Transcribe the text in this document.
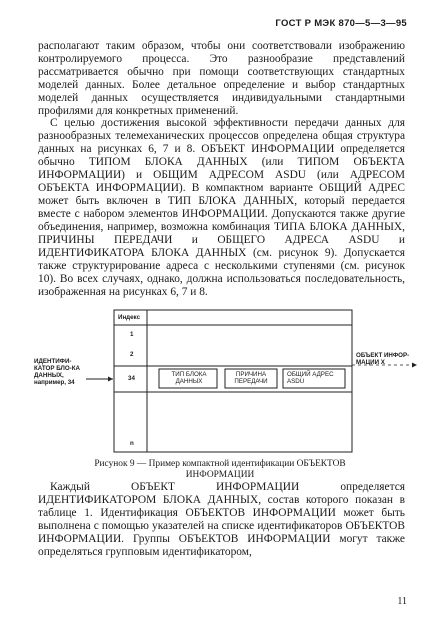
ГОСТ Р МЭК 870—5—3—95

располагают таким образом, чтобы они соответствовали изображению контролируемого процесса. Это разнообразие представлений рассматривается обычно при помощи соответствующих стандартных моделей данных. Более детальное определение и выбор стандартных моделей данных осуществляется индивидуальными стандартными профилями для конкретных применений.

С целью достижения высокой эффективности передачи данных для разнообразных телемеханических процессов определена общая структура данных на рисунках 6, 7 и 8. ОБЪЕКТ ИНФОРМАЦИИ определяется обычно ТИПОМ БЛОКА ДАННЫХ (или ТИПОМ ОБЪЕКТА ИНФОРМАЦИИ) и ОБЩИМ АДРЕСОМ ASDU (или АДРЕСОМ ОБЪЕКТА ИНФОРМАЦИИ). В компактном варианте ОБЩИЙ АДРЕС может быть включен в ТИП БЛОКА ДАННЫХ, который передается вместе с набором элементов ИНФОРМАЦИИ. Допускаются также другие объединения, например, возможна комбинация ТИПА БЛОКА ДАННЫХ, ПРИЧИНЫ ПЕРЕДАЧИ и ОБЩЕГО АДРЕСА ASDU и ИДЕНТИФИКАТОРА БЛОКА ДАННЫХ (см. рисунок 9). Допускается также структурирование адреса с несколькими ступенями (см. рисунок 10). Во всех случаях, однако, должна использоваться последовательность, изображенная на рисунках 6, 7 и 8.

Индекс
1
2
34
n
ТИП БЛОКА ДАННЫХ
ПРИЧИНА ПЕРЕДАЧИ
ОБЩИЙ АДРЕС ASDU
ИДЕНТИФИ-КАТОР БЛО-КА ДАННЫХ, например, 34
ОБЪЕКТ ИНФОР-МАЦИИ Х
Рисунок 9 — Пример компактной идентификации ОБЪЕКТОВ ИНФОРМАЦИИ

Каждый ОБЪЕКТ ИНФОРМАЦИИ определяется ИДЕНТИФИКАТОРОМ БЛОКА ДАННЫХ, состав которого показан в таблице 1. Идентификация ОБЪЕКТОВ ИНФОРМАЦИИ может быть выполнена с помощью указателей на списке идентификаторов ОБЪЕКТОВ ИНФОРМАЦИИ. Группы ОБЪЕКТОВ ИНФОРМАЦИИ могут также определяться групповым идентификатором,

11
